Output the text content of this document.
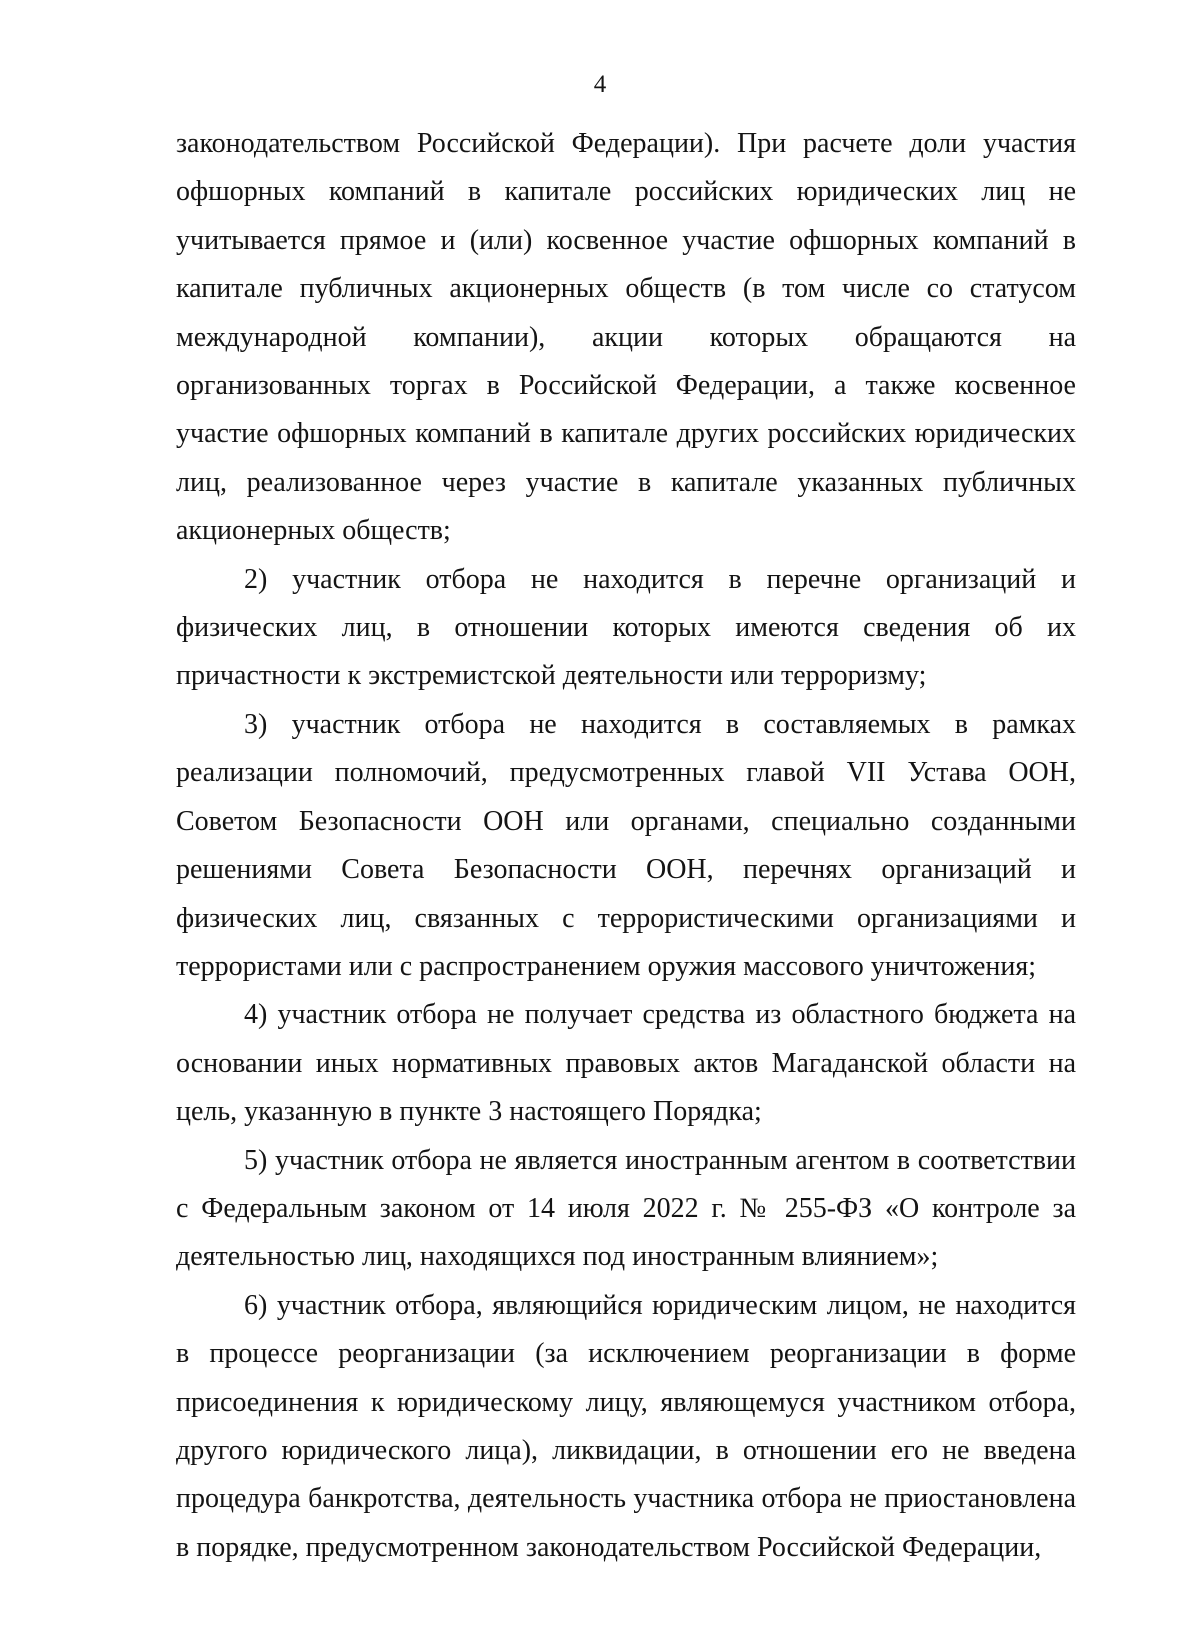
4

законодательством Российской Федерации). При расчете доли участия офшорных компаний в капитале российских юридических лиц не учитывается прямое и (или) косвенное участие офшорных компаний в капитале публичных акционерных обществ (в том числе со статусом международной компании), акции которых обращаются на организованных торгах в Российской Федерации, а также косвенное участие офшорных компаний в капитале других российских юридических лиц, реализованное через участие в капитале указанных публичных акционерных обществ;

2) участник отбора не находится в перечне организаций и физических лиц, в отношении которых имеются сведения об их причастности к экстремистской деятельности или терроризму;

3) участник отбора не находится в составляемых в рамках реализации полномочий, предусмотренных главой VII Устава ООН, Советом Безопасности ООН или органами, специально созданными решениями Совета Безопасности ООН, перечнях организаций и физических лиц, связанных с террористическими организациями и террористами или с распространением оружия массового уничтожения;

4) участник отбора не получает средства из областного бюджета на основании иных нормативных правовых актов Магаданской области на цель, указанную в пункте 3 настоящего Порядка;

5) участник отбора не является иностранным агентом в соответствии с Федеральным законом от 14 июля 2022 г. № 255-ФЗ «О контроле за деятельностью лиц, находящихся под иностранным влиянием»;

6) участник отбора, являющийся юридическим лицом, не находится в процессе реорганизации (за исключением реорганизации в форме присоединения к юридическому лицу, являющемуся участником отбора, другого юридического лица), ликвидации, в отношении его не введена процедура банкротства, деятельность участника отбора не приостановлена в порядке, предусмотренном законодательством Российской Федерации,
